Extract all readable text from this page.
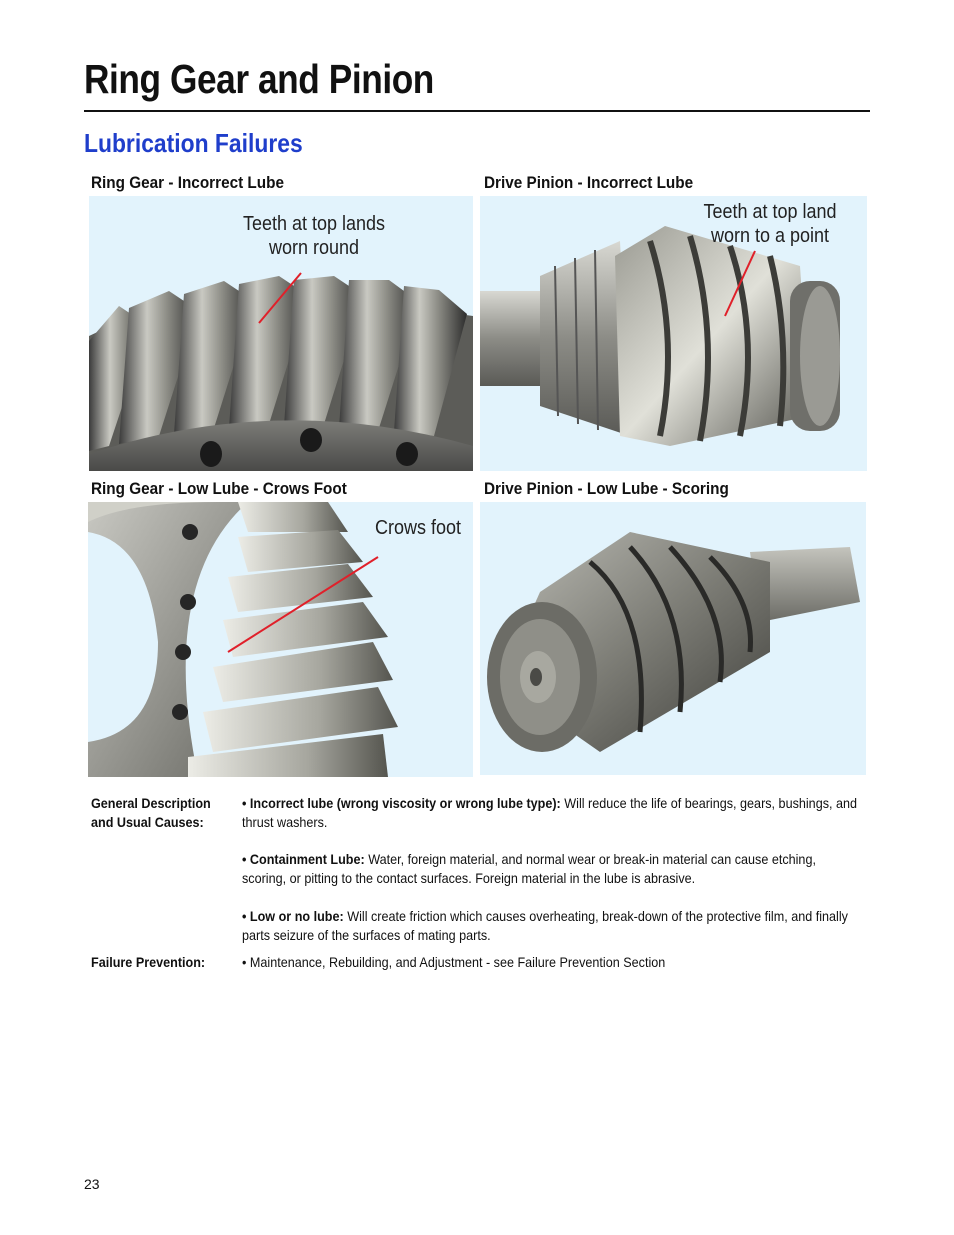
Ring Gear and Pinion
Lubrication Failures
Ring Gear - Incorrect Lube	Drive Pinion - Incorrect Lube
Ring Gear - Low Lube - Crows Foot	Drive Pinion - Low Lube - Scoring
Teeth at top lands
worn round
Teeth at top land
worn to a point
Crows foot
General Description
and Usual Causes:
• Incorrect lube (wrong viscosity or wrong lube type): Will reduce the life of bearings, gears, bushings, and thrust washers.
• Containment Lube: Water, foreign material, and normal wear or break-in material can cause etching, scoring, or pitting to the contact surfaces. Foreign material in the lube is abrasive.
• Low or no lube: Will create friction which causes overheating, break-down of the protective film, and finally parts seizure of the surfaces of mating parts.
Failure Prevention:	• Maintenance, Rebuilding, and Adjustment - see Failure Prevention Section
23
